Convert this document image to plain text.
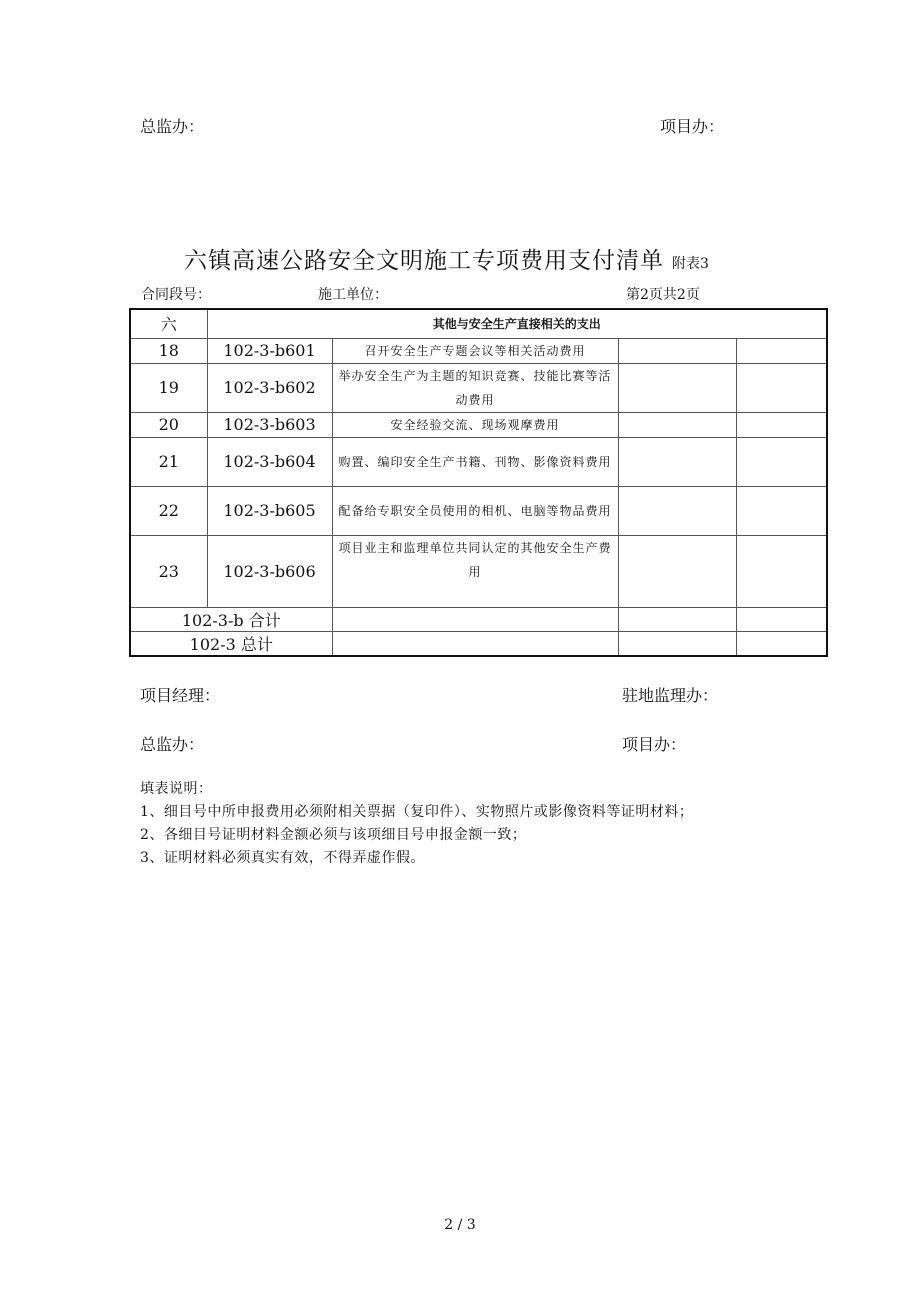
总监办：	项目办：
六镇高速公路安全文明施工专项费用支付清单 附表3
合同段号：	施工单位：	第2页共2页
六	其他与安全生产直接相关的支出			
18	102-3-b601	召开安全生产专题会议等相关活动费用		
19	102-3-b602	举办安全生产为主题的知识竞赛、技能比赛等活动费用		
20	102-3-b603	安全经验交流、现场观摩费用		
21	102-3-b604	购置、编印安全生产书籍、刊物、影像资料费用		
22	102-3-b605	配备给专职安全员使用的相机、电脑等物品费用		
23	102-3-b606	项目业主和监理单位共同认定的其他安全生产费用		
102-3-b 合计				
102-3 总计				
项目经理：	驻地监理办：
总监办：	项目办：
填表说明：
1、细目号中所申报费用必须附相关票据（复印件）、实物照片或影像资料等证明材料；
2、各细目号证明材料金额必须与该项细目号申报金额一致；
3、证明材料必须真实有效，不得弄虚作假。
2 / 3
